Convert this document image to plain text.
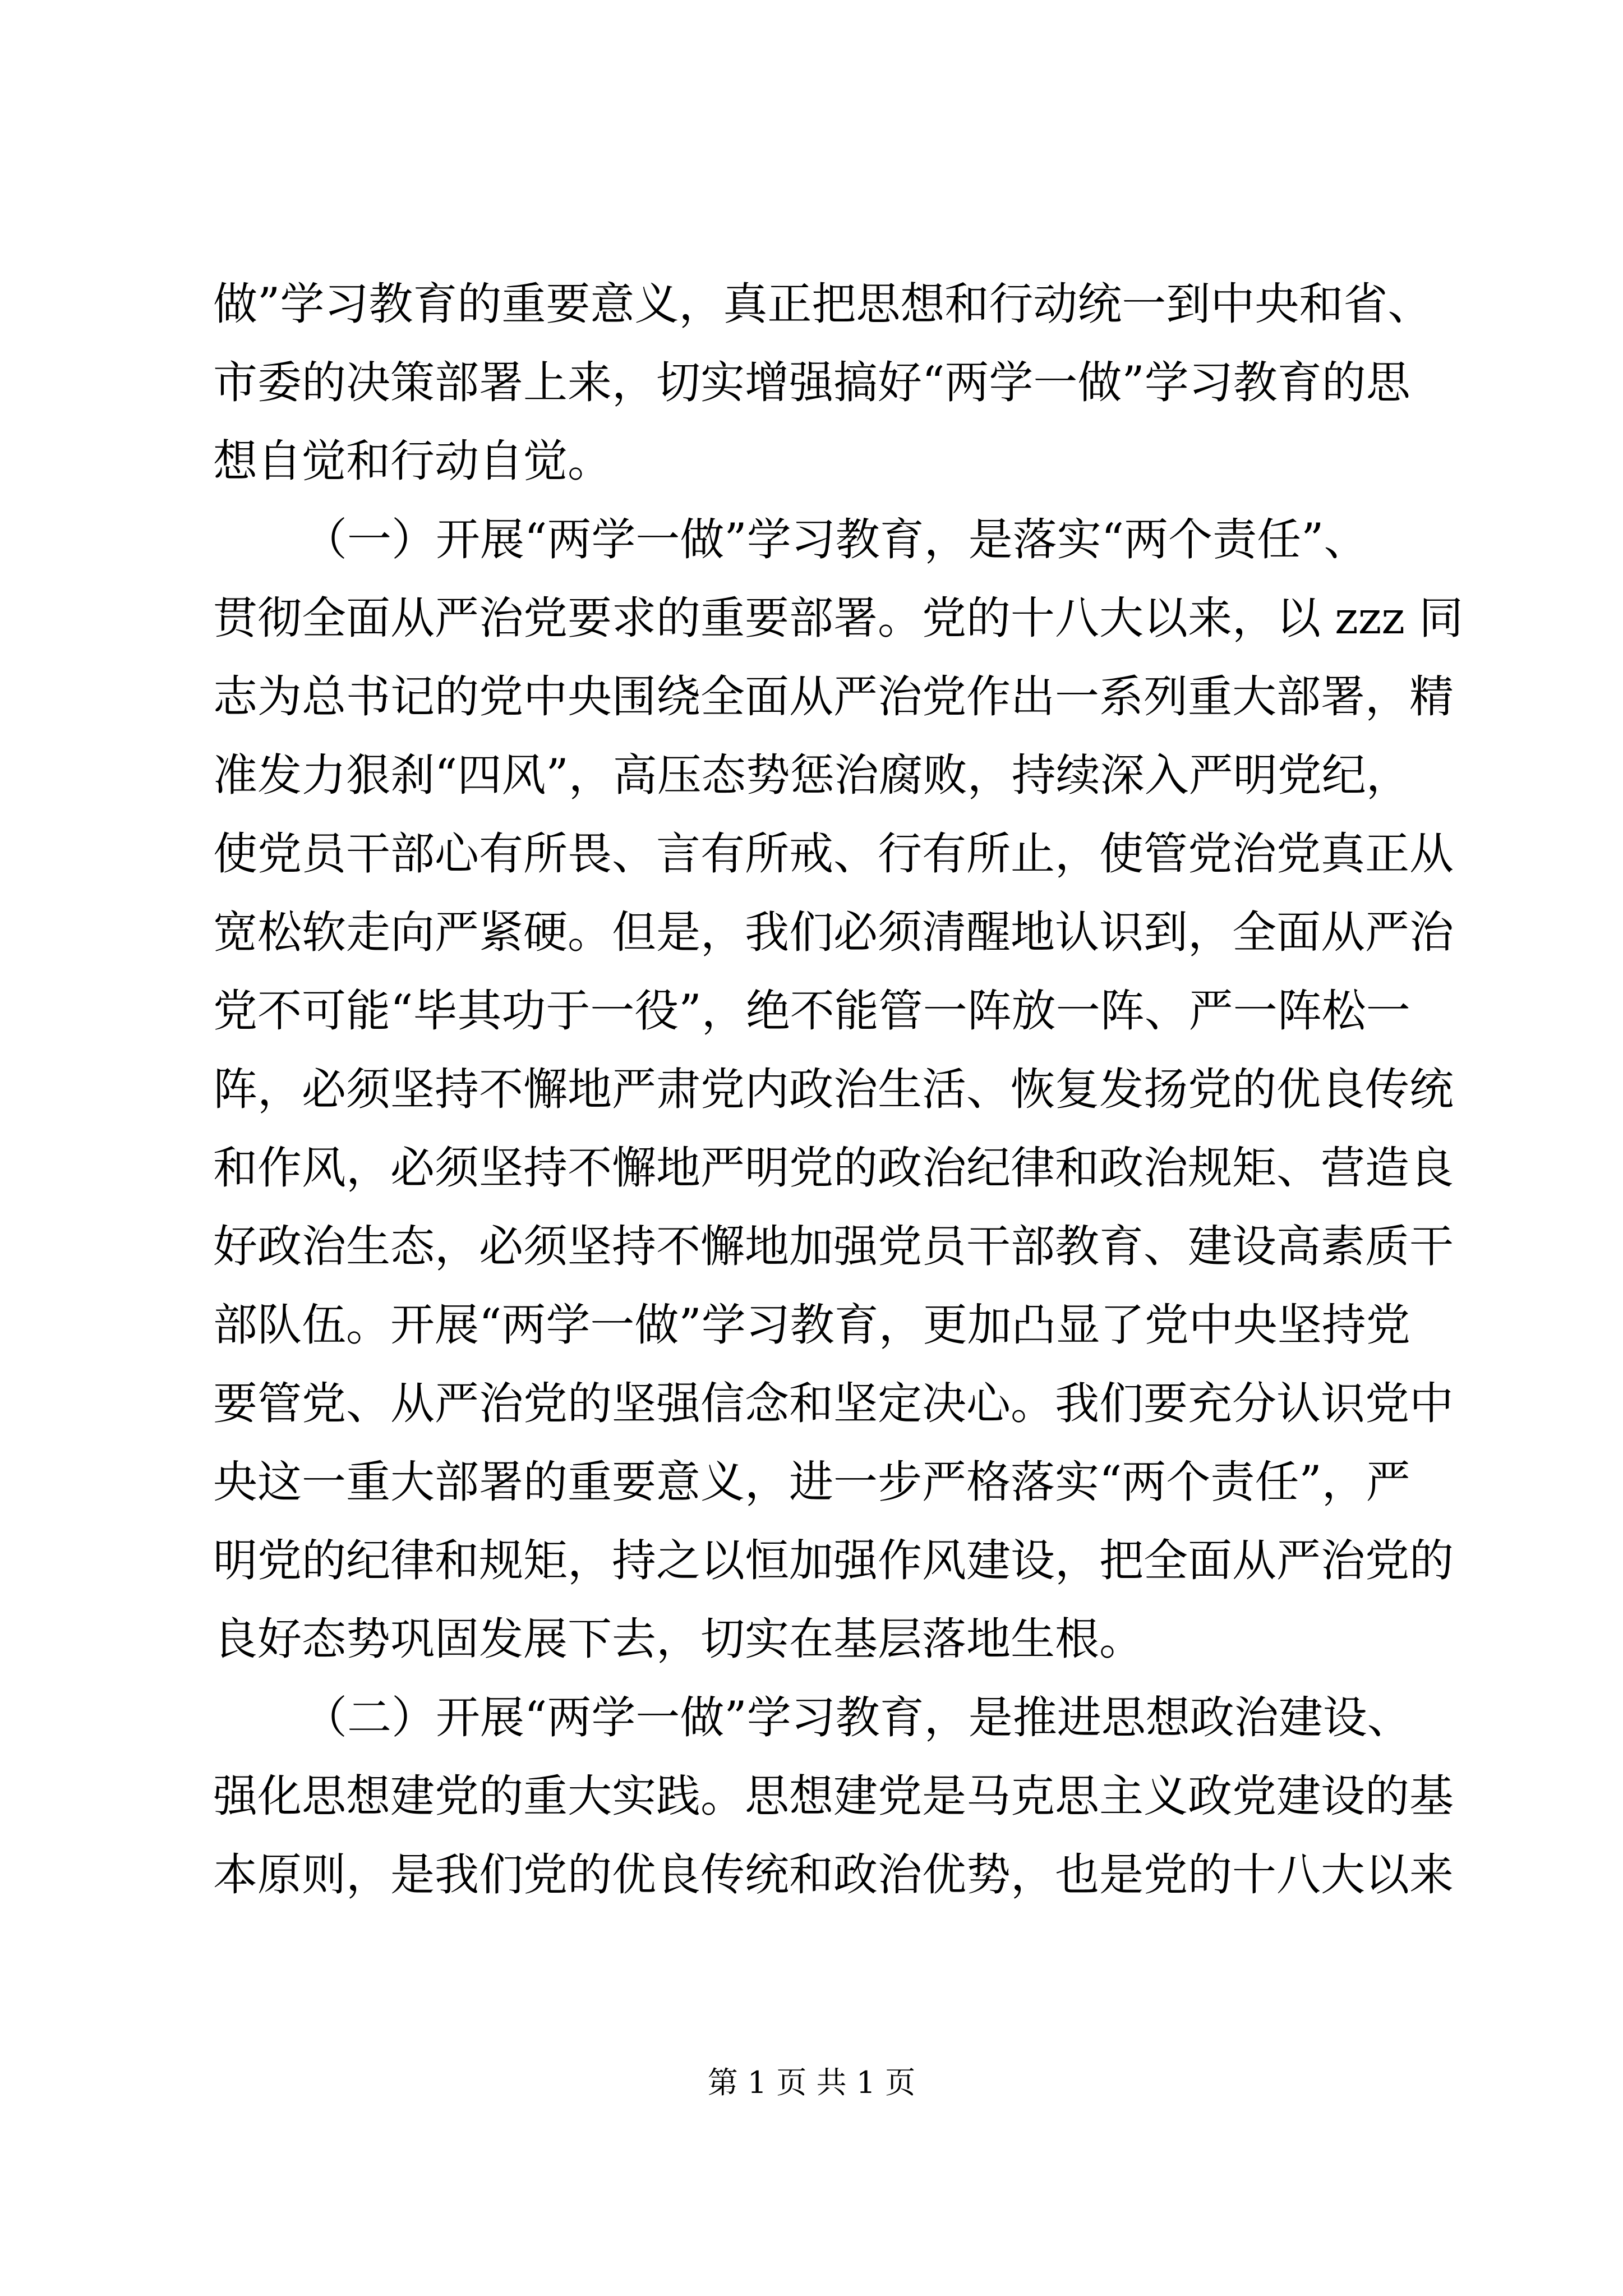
做”学习教育的重要意义，真正把思想和行动统一到中央和省、
市委的决策部署上来，切实增强搞好“两学一做”学习教育的思
想自觉和行动自觉。
（一）开展“两学一做”学习教育，是落实“两个责任”、
贯彻全面从严治党要求的重要部署。党的十八大以来，以 zzz 同
志为总书记的党中央围绕全面从严治党作出一系列重大部署，精
准发力狠刹“四风”，高压态势惩治腐败，持续深入严明党纪，
使党员干部心有所畏、言有所戒、行有所止，使管党治党真正从
宽松软走向严紧硬。但是，我们必须清醒地认识到，全面从严治
党不可能“毕其功于一役”，绝不能管一阵放一阵、严一阵松一
阵，必须坚持不懈地严肃党内政治生活、恢复发扬党的优良传统
和作风，必须坚持不懈地严明党的政治纪律和政治规矩、营造良
好政治生态，必须坚持不懈地加强党员干部教育、建设高素质干
部队伍。开展“两学一做”学习教育，更加凸显了党中央坚持党
要管党、从严治党的坚强信念和坚定决心。我们要充分认识党中
央这一重大部署的重要意义，进一步严格落实“两个责任”，严
明党的纪律和规矩，持之以恒加强作风建设，把全面从严治党的
良好态势巩固发展下去，切实在基层落地生根。
（二）开展“两学一做”学习教育，是推进思想政治建设、
强化思想建党的重大实践。思想建党是马克思主义政党建设的基
本原则，是我们党的优良传统和政治优势，也是党的十八大以来
第 1 页 共 1 页
